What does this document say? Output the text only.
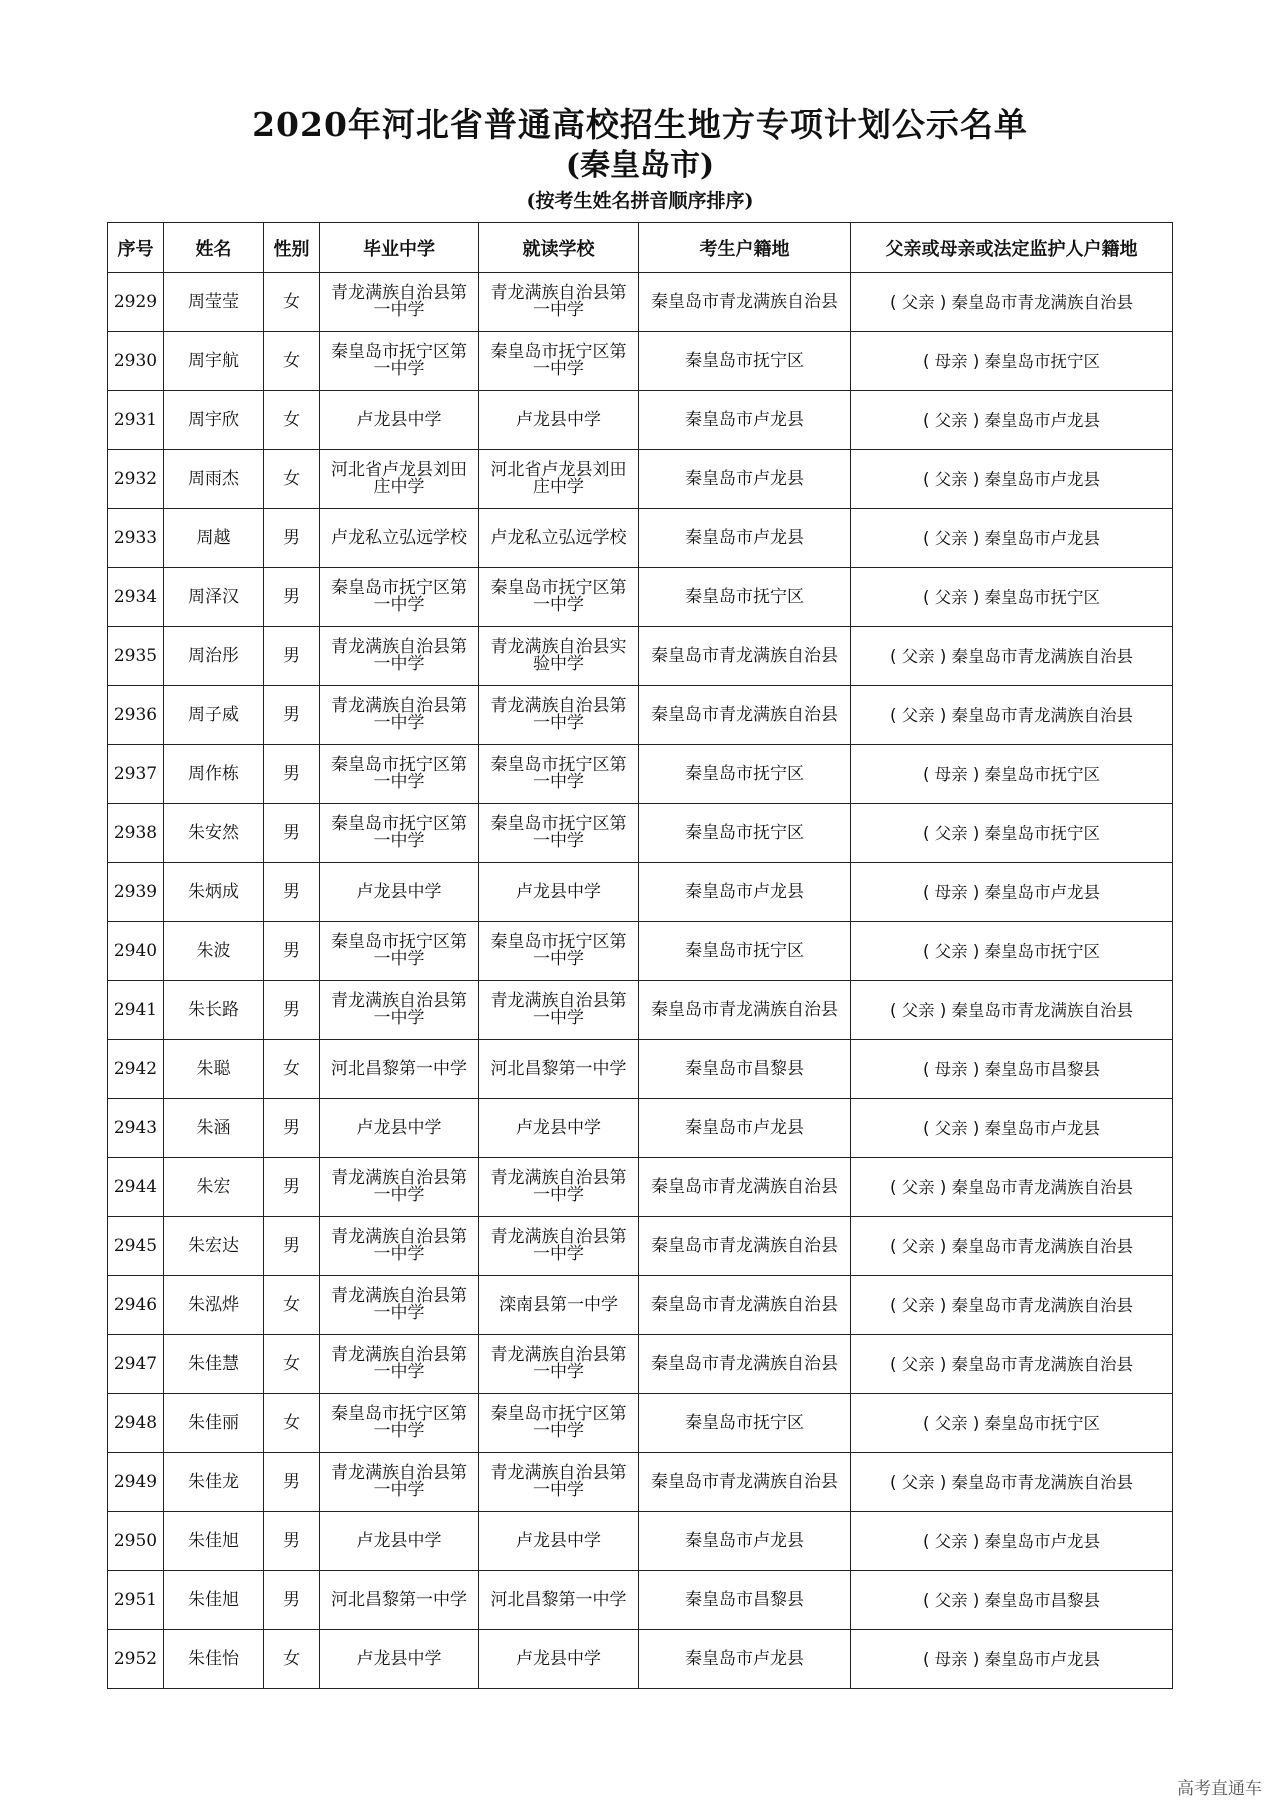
2020年河北省普通高校招生地方专项计划公示名单
(秦皇岛市)
(按考生姓名拼音顺序排序)
序号	姓名	性别	毕业中学	就读学校	考生户籍地	父亲或母亲或法定监护人户籍地
2929	周莹莹	女	青龙满族自治县第一中学	青龙满族自治县第一中学	秦皇岛市青龙满族自治县	( 父亲 ) 秦皇岛市青龙满族自治县
2930	周宇航	女	秦皇岛市抚宁区第一中学	秦皇岛市抚宁区第一中学	秦皇岛市抚宁区	( 母亲 ) 秦皇岛市抚宁区
2931	周宇欣	女	卢龙县中学	卢龙县中学	秦皇岛市卢龙县	( 父亲 ) 秦皇岛市卢龙县
2932	周雨杰	女	河北省卢龙县刘田庄中学	河北省卢龙县刘田庄中学	秦皇岛市卢龙县	( 父亲 ) 秦皇岛市卢龙县
2933	周越	男	卢龙私立弘远学校	卢龙私立弘远学校	秦皇岛市卢龙县	( 父亲 ) 秦皇岛市卢龙县
2934	周泽汉	男	秦皇岛市抚宁区第一中学	秦皇岛市抚宁区第一中学	秦皇岛市抚宁区	( 父亲 ) 秦皇岛市抚宁区
2935	周治彤	男	青龙满族自治县第一中学	青龙满族自治县实验中学	秦皇岛市青龙满族自治县	( 父亲 ) 秦皇岛市青龙满族自治县
2936	周子威	男	青龙满族自治县第一中学	青龙满族自治县第一中学	秦皇岛市青龙满族自治县	( 父亲 ) 秦皇岛市青龙满族自治县
2937	周作栋	男	秦皇岛市抚宁区第一中学	秦皇岛市抚宁区第一中学	秦皇岛市抚宁区	( 母亲 ) 秦皇岛市抚宁区
2938	朱安然	男	秦皇岛市抚宁区第一中学	秦皇岛市抚宁区第一中学	秦皇岛市抚宁区	( 父亲 ) 秦皇岛市抚宁区
2939	朱炳成	男	卢龙县中学	卢龙县中学	秦皇岛市卢龙县	( 母亲 ) 秦皇岛市卢龙县
2940	朱波	男	秦皇岛市抚宁区第一中学	秦皇岛市抚宁区第一中学	秦皇岛市抚宁区	( 父亲 ) 秦皇岛市抚宁区
2941	朱长路	男	青龙满族自治县第一中学	青龙满族自治县第一中学	秦皇岛市青龙满族自治县	( 父亲 ) 秦皇岛市青龙满族自治县
2942	朱聪	女	河北昌黎第一中学	河北昌黎第一中学	秦皇岛市昌黎县	( 母亲 ) 秦皇岛市昌黎县
2943	朱涵	男	卢龙县中学	卢龙县中学	秦皇岛市卢龙县	( 父亲 ) 秦皇岛市卢龙县
2944	朱宏	男	青龙满族自治县第一中学	青龙满族自治县第一中学	秦皇岛市青龙满族自治县	( 父亲 ) 秦皇岛市青龙满族自治县
2945	朱宏达	男	青龙满族自治县第一中学	青龙满族自治县第一中学	秦皇岛市青龙满族自治县	( 父亲 ) 秦皇岛市青龙满族自治县
2946	朱泓烨	女	青龙满族自治县第一中学	滦南县第一中学	秦皇岛市青龙满族自治县	( 父亲 ) 秦皇岛市青龙满族自治县
2947	朱佳慧	女	青龙满族自治县第一中学	青龙满族自治县第一中学	秦皇岛市青龙满族自治县	( 父亲 ) 秦皇岛市青龙满族自治县
2948	朱佳丽	女	秦皇岛市抚宁区第一中学	秦皇岛市抚宁区第一中学	秦皇岛市抚宁区	( 父亲 ) 秦皇岛市抚宁区
2949	朱佳龙	男	青龙满族自治县第一中学	青龙满族自治县第一中学	秦皇岛市青龙满族自治县	( 父亲 ) 秦皇岛市青龙满族自治县
2950	朱佳旭	男	卢龙县中学	卢龙县中学	秦皇岛市卢龙县	( 父亲 ) 秦皇岛市卢龙县
2951	朱佳旭	男	河北昌黎第一中学	河北昌黎第一中学	秦皇岛市昌黎县	( 父亲 ) 秦皇岛市昌黎县
2952	朱佳怡	女	卢龙县中学	卢龙县中学	秦皇岛市卢龙县	( 母亲 ) 秦皇岛市卢龙县
高考直通车
